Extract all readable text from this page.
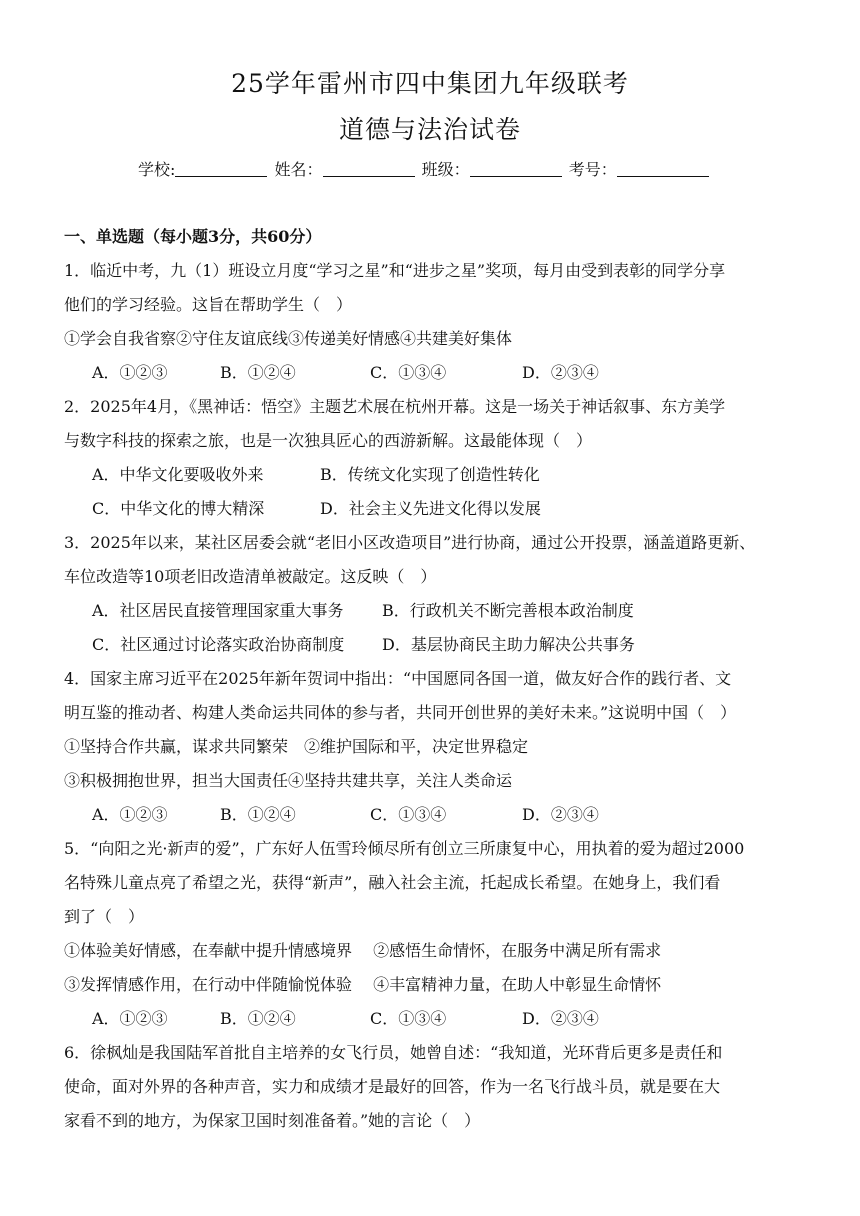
25学年雷州市四中集团九年级联考
道德与法治试卷
学校:	姓名：	班级：	考号：
一、单选题（每小题3分，共60分）
1．临近中考，九（1）班设立月度“学习之星”和“进步之星”奖项，每月由受到表彰的同学分享
他们的学习经验。这旨在帮助学生（　）
①学会自我省察②守住友谊底线③传递美好情感④共建美好集体
A．①②③	B．①②④	C．①③④	D．②③④
2．2025年4月，《黑神话：悟空》主题艺术展在杭州开幕。这是一场关于神话叙事、东方美学
与数字科技的探索之旅，也是一次独具匠心的西游新解。这最能体现（　）
A．中华文化要吸收外来	B．传统文化实现了创造性转化
C．中华文化的博大精深	D．社会主义先进文化得以发展
3．2025年以来，某社区居委会就“老旧小区改造项目”进行协商，通过公开投票，涵盖道路更新、
车位改造等10项老旧改造清单被敲定。这反映（　）
A．社区居民直接管理国家重大事务 B．行政机关不断完善根本政治制度
C．社区通过讨论落实政治协商制度 D．基层协商民主助力解决公共事务
4．国家主席习近平在2025年新年贺词中指出：“中国愿同各国一道，做友好合作的践行者、文
明互鉴的推动者、构建人类命运共同体的参与者，共同开创世界的美好未来。”这说明中国（　）
①坚持合作共赢，谋求共同繁荣　②维护国际和平，决定世界稳定
③积极拥抱世界，担当大国责任④坚持共建共享，关注人类命运
A．①②③	B．①②④	C．①③④	D．②③④
5．“向阳之光·新声的爱”，广东好人伍雪玲倾尽所有创立三所康复中心，用执着的爱为超过2000
名特殊儿童点亮了希望之光，获得“新声”，融入社会主流，托起成长希望。在她身上，我们看
到了（　）
①体验美好情感，在奉献中提升情感境界　 ②感悟生命情怀，在服务中满足所有需求
③发挥情感作用，在行动中伴随愉悦体验　 ④丰富精神力量，在助人中彰显生命情怀
A．①②③	B．①②④	C．①③④	D．②③④
6．徐枫灿是我国陆军首批自主培养的女飞行员，她曾自述：“我知道，光环背后更多是责任和
使命，面对外界的各种声音，实力和成绩才是最好的回答，作为一名飞行战斗员，就是要在大
家看不到的地方，为保家卫国时刻准备着。”她的言论（　）
